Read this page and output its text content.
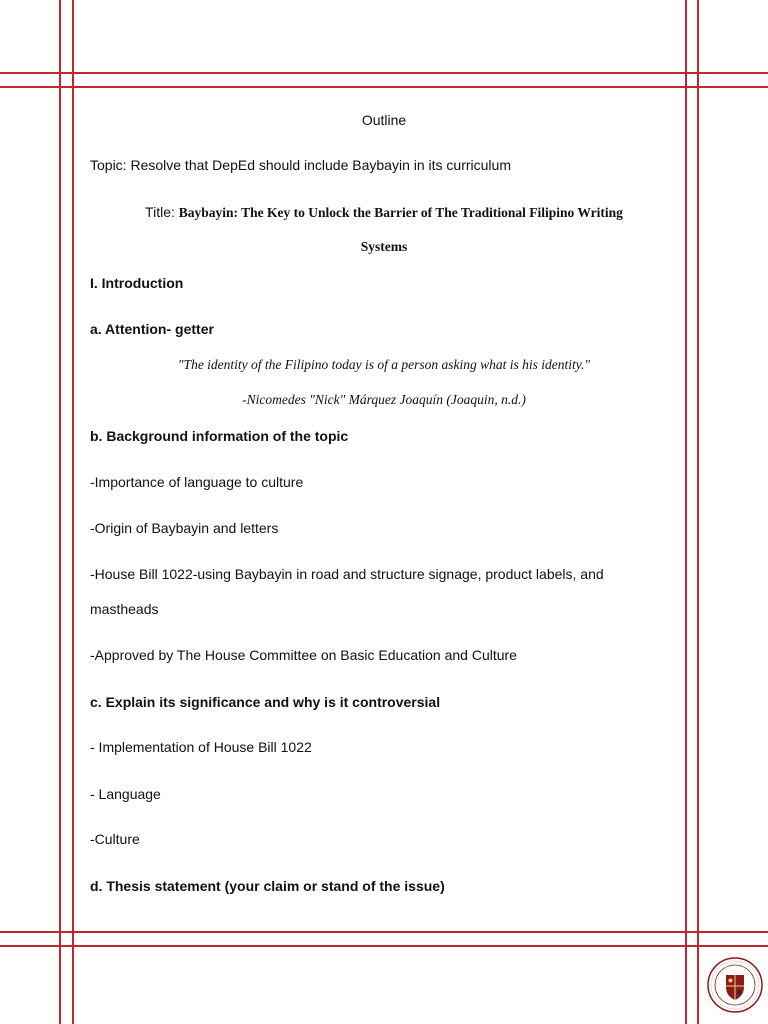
Outline
Topic: Resolve that DepEd should include Baybayin in its curriculum
Title: Baybayin: The Key to Unlock the Barrier of The Traditional Filipino Writing
Systems
I. Introduction
a. Attention- getter
"The identity of the Filipino today is of a person asking what is his identity."
-Nicomedes "Nick" Márquez Joaquín (Joaquin, n.d.)
b. Background information of the topic
-Importance of language to culture
-Origin of Baybayin and letters
-House Bill 1022-using Baybayin in road and structure signage, product labels, and
mastheads
-Approved by The House Committee on Basic Education and Culture
c. Explain its significance and why is it controversial
- Implementation of House Bill 1022
- Language
-Culture
d. Thesis statement (your claim or stand of the issue)
